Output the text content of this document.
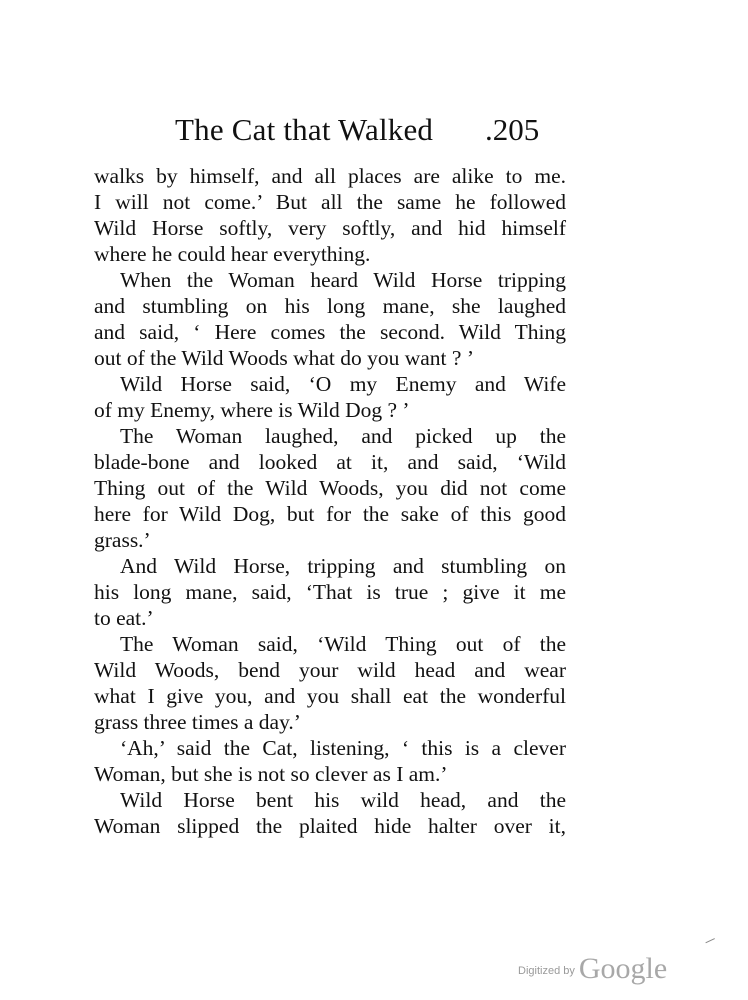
The Cat that Walked .205
walks by himself, and all places are alike to me.
I will not come.’ But all the same he followed
Wild Horse softly, very softly, and hid himself
where he could hear everything.
When the Woman heard Wild Horse tripping
and stumbling on his long mane, she laughed
and said, ‘ Here comes the second. Wild Thing
out of the Wild Woods what do you want ? ’
Wild Horse said, ‘O my Enemy and Wife
of my Enemy, where is Wild Dog ? ’
The Woman laughed, and picked up the
blade-bone and looked at it, and said, ‘Wild
Thing out of the Wild Woods, you did not come
here for Wild Dog, but for the sake of this good
grass.’
And Wild Horse, tripping and stumbling on
his long mane, said, ‘That is true ; give it me
to eat.’
The Woman said, ‘Wild Thing out of the
Wild Woods, bend your wild head and wear
what I give you, and you shall eat the wonderful
grass three times a day.’
‘Ah,’ said the Cat, listening, ‘ this is a clever
Woman, but she is not so clever as I am.’
Wild Horse bent his wild head, and the
Woman slipped the plaited hide halter over it,
$^{Digitized by}$ Google
